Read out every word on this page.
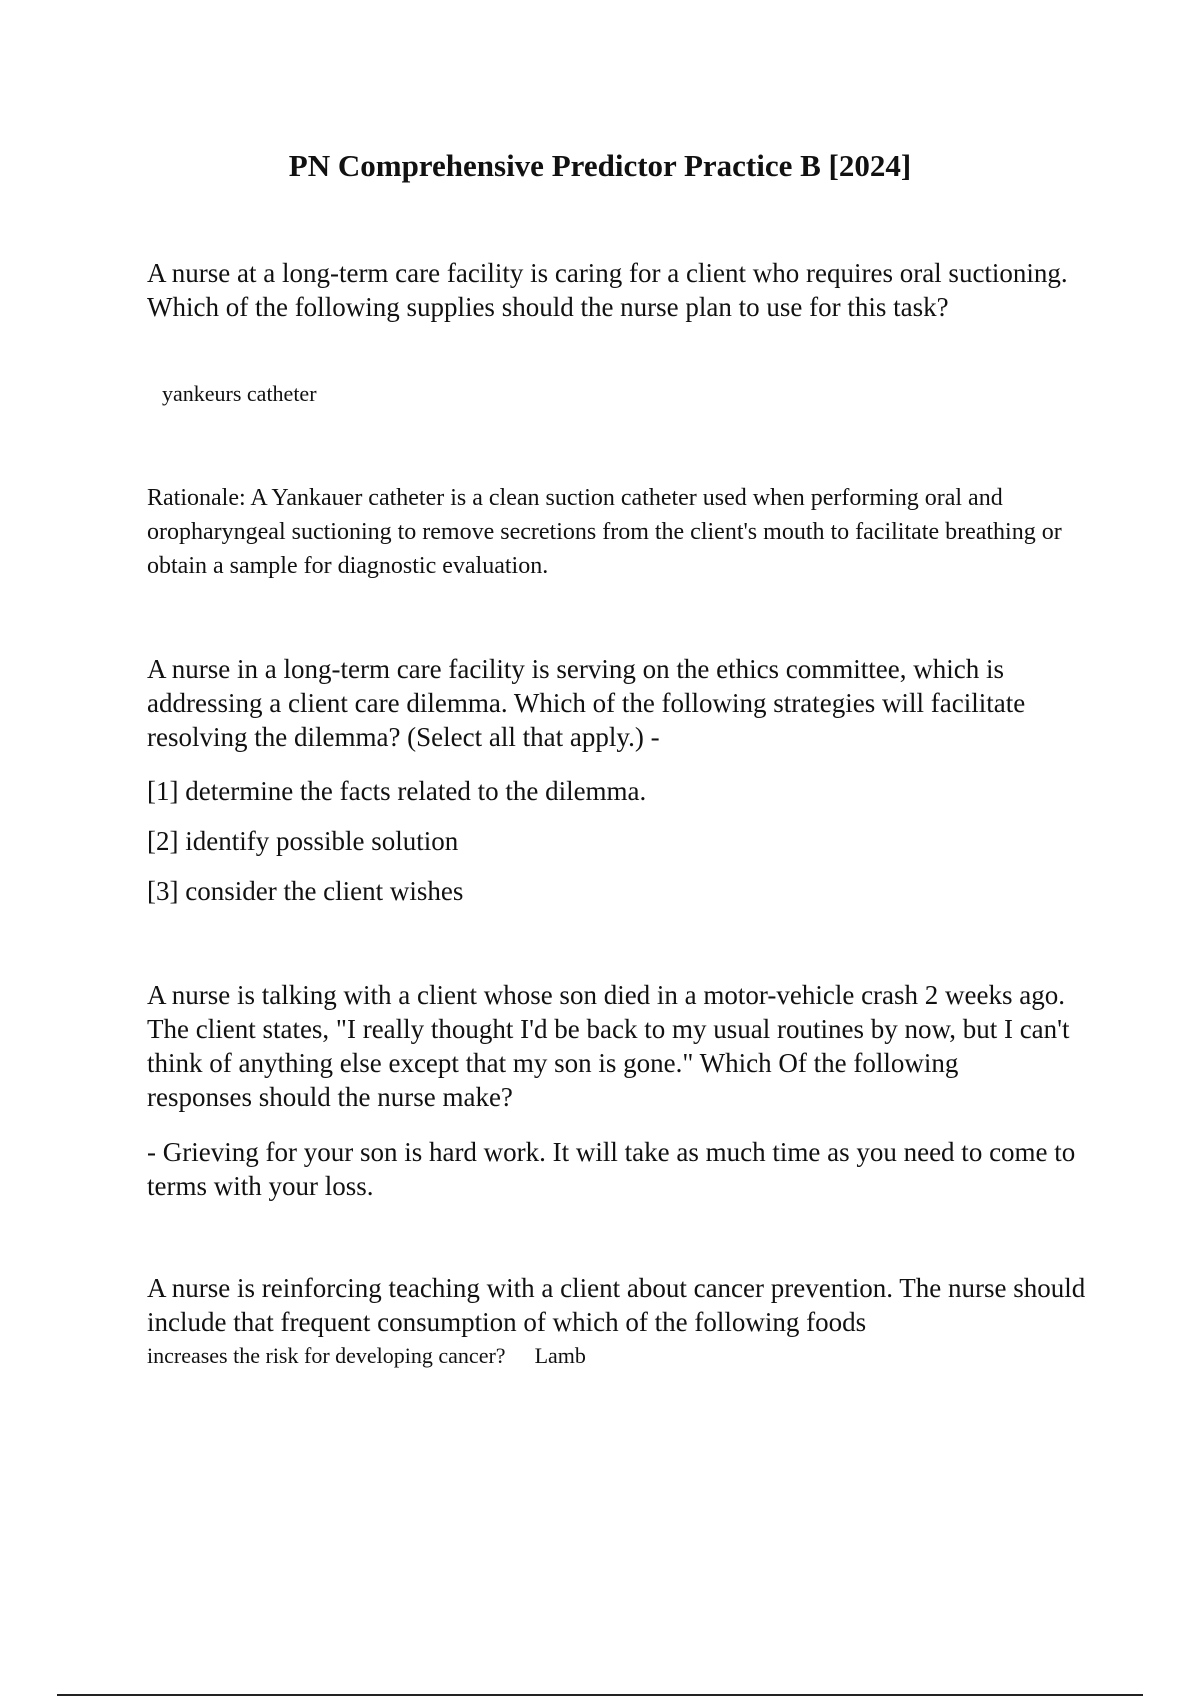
PN Comprehensive Predictor Practice B [2024]

A nurse at a long-term care facility is caring for a client who requires oral suctioning. Which of the following supplies should the nurse plan to use for this task?

yankeurs catheter

Rationale: A Yankauer catheter is a clean suction catheter used when performing oral and oropharyngeal suctioning to remove secretions from the client's mouth to facilitate breathing or obtain a sample for diagnostic evaluation.

A nurse in a long-term care facility is serving on the ethics committee, which is addressing a client care dilemma. Which of the following strategies will facilitate resolving the dilemma? (Select all that apply.) -

[1] determine the facts related to the dilemma.

[2] identify possible solution

[3] consider the client wishes

A nurse is talking with a client whose son died in a motor-vehicle crash 2 weeks ago. The client states, "I really thought I'd be back to my usual routines by now, but I can't think of anything else except that my son is gone." Which Of the following

responses should the nurse make?

- Grieving for your son is hard work. It will take as much time as you need to come to terms with your loss.

A nurse is reinforcing teaching with a client about cancer prevention. The nurse should include that frequent consumption of which of the following foods

increases the risk for developing cancer? Lamb
